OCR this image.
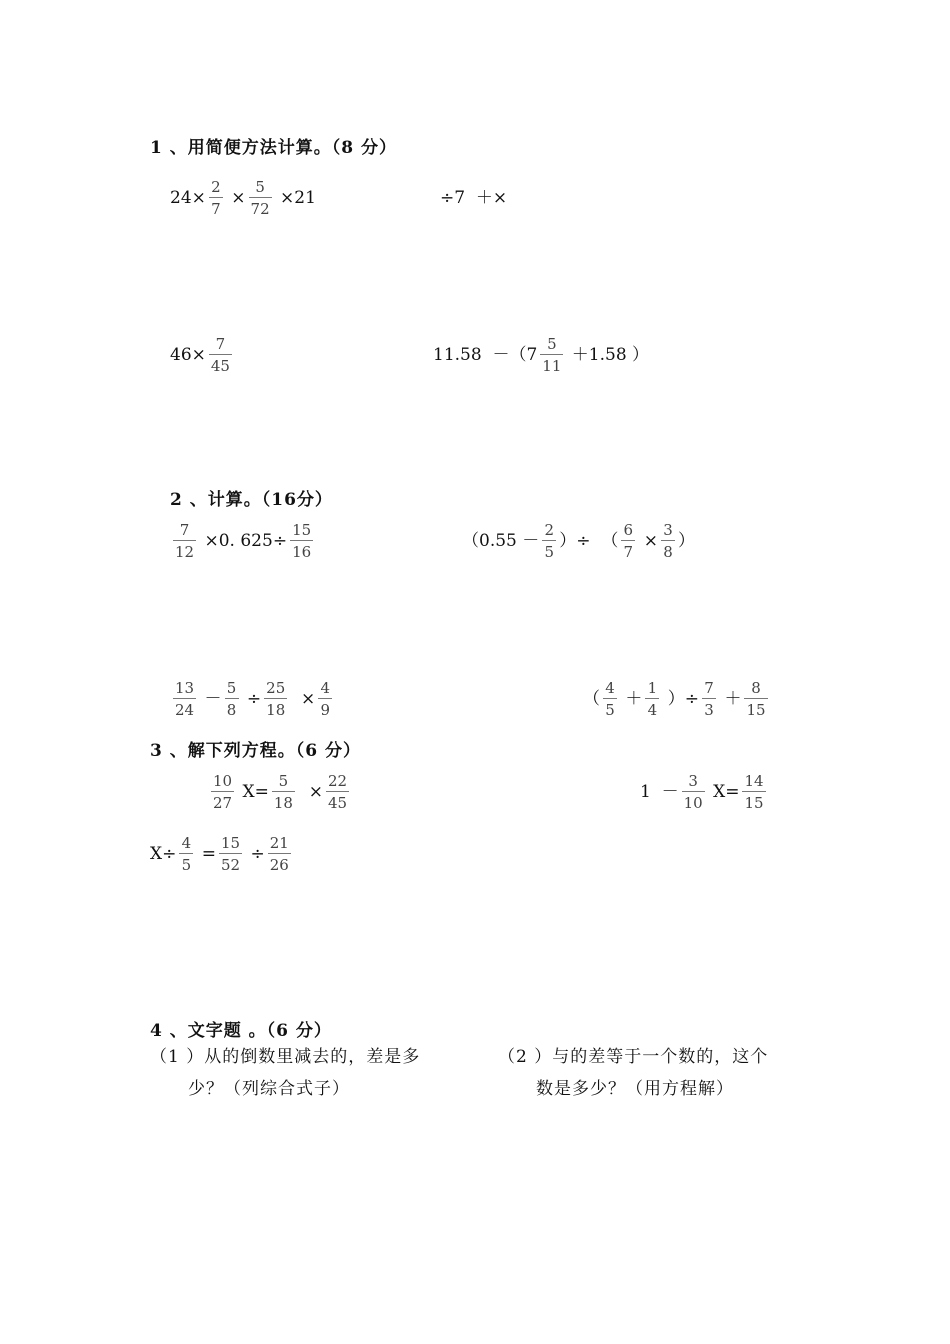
1 、用简便方法计算。（8 分）
$24\times \frac{2}{7} \times \frac{5}{72} \times 21$	÷7  ＋×
$46\times \frac{7}{45}$	$11.58 -(7 \frac{5}{11} +1.58$ ）
2 、计算。（16分）
$\frac{7}{12} \times 0$. $625\div \frac{15}{16}$	（$0.55 - \frac{2}{5}$ ）÷  （ $\frac{6}{7} \times \frac{3}{8}$ ）
$\frac{13}{24} - \frac{5}{8} \div \frac{25}{18} \times \frac{4}{9}$	（ $\frac{4}{5} + \frac{1}{4}$ ）÷ $\frac{7}{3} + \frac{8}{15}$
3 、解下列方程。（6 分）
$\frac{10}{27} X= \frac{5}{18} \times \frac{22}{45}$	$1 - \frac{3}{10} X= \frac{14}{15}$
$X\div \frac{4}{5} = \frac{15}{52} \div \frac{21}{26}$
4 、文字题 。（6 分）
（1 ）从的倒数里减去的，差是多
少？（列综合式子）
（2 ）与的差等于一个数的，这个
数是多少？（用方程解）
